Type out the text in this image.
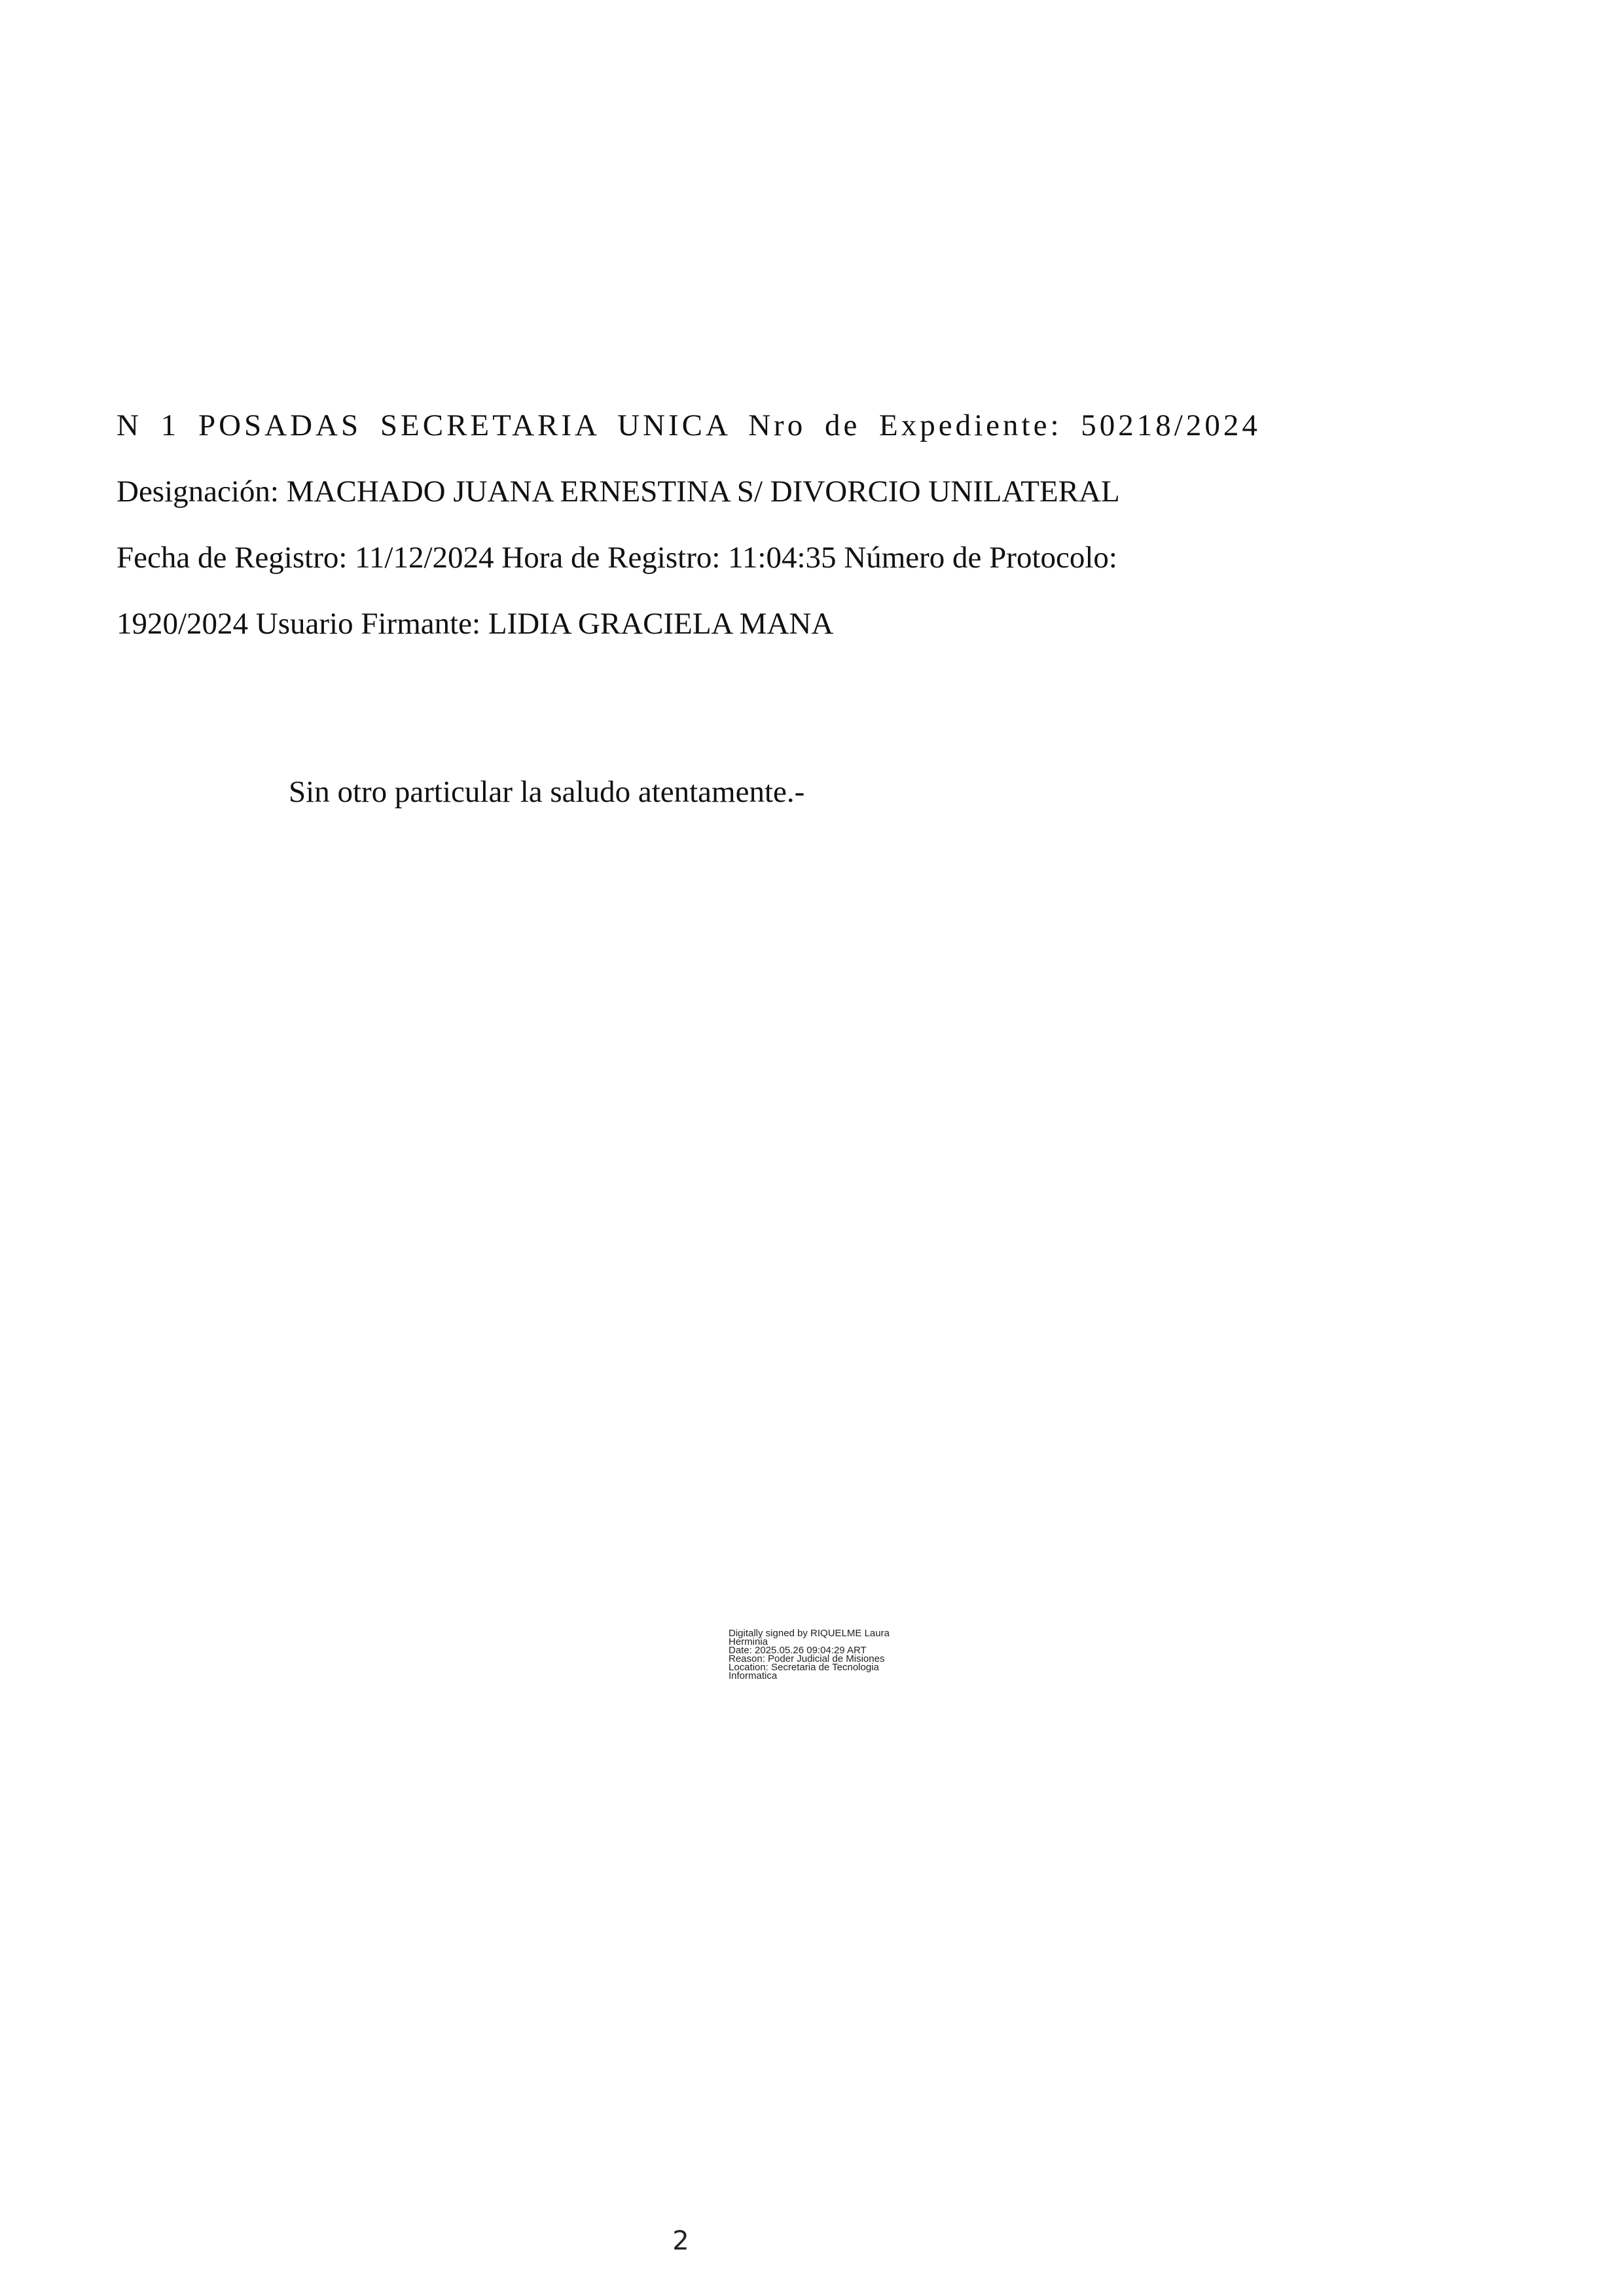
N 1 POSADAS SECRETARIA UNICA Nro de Expediente: 50218/2024
Designación: MACHADO JUANA ERNESTINA S/ DIVORCIO UNILATERAL
Fecha de Registro: 11/12/2024 Hora de Registro: 11:04:35 Número de Protocolo:
1920/2024 Usuario Firmante: LIDIA GRACIELA MANA
Sin otro particular la saludo atentamente.-
Digitally signed by RIQUELME Laura
Herminia
Date: 2025.05.26 09:04:29 ART
Reason: Poder Judicial de Misiones
Location: Secretaria de Tecnologia
Informatica
2
